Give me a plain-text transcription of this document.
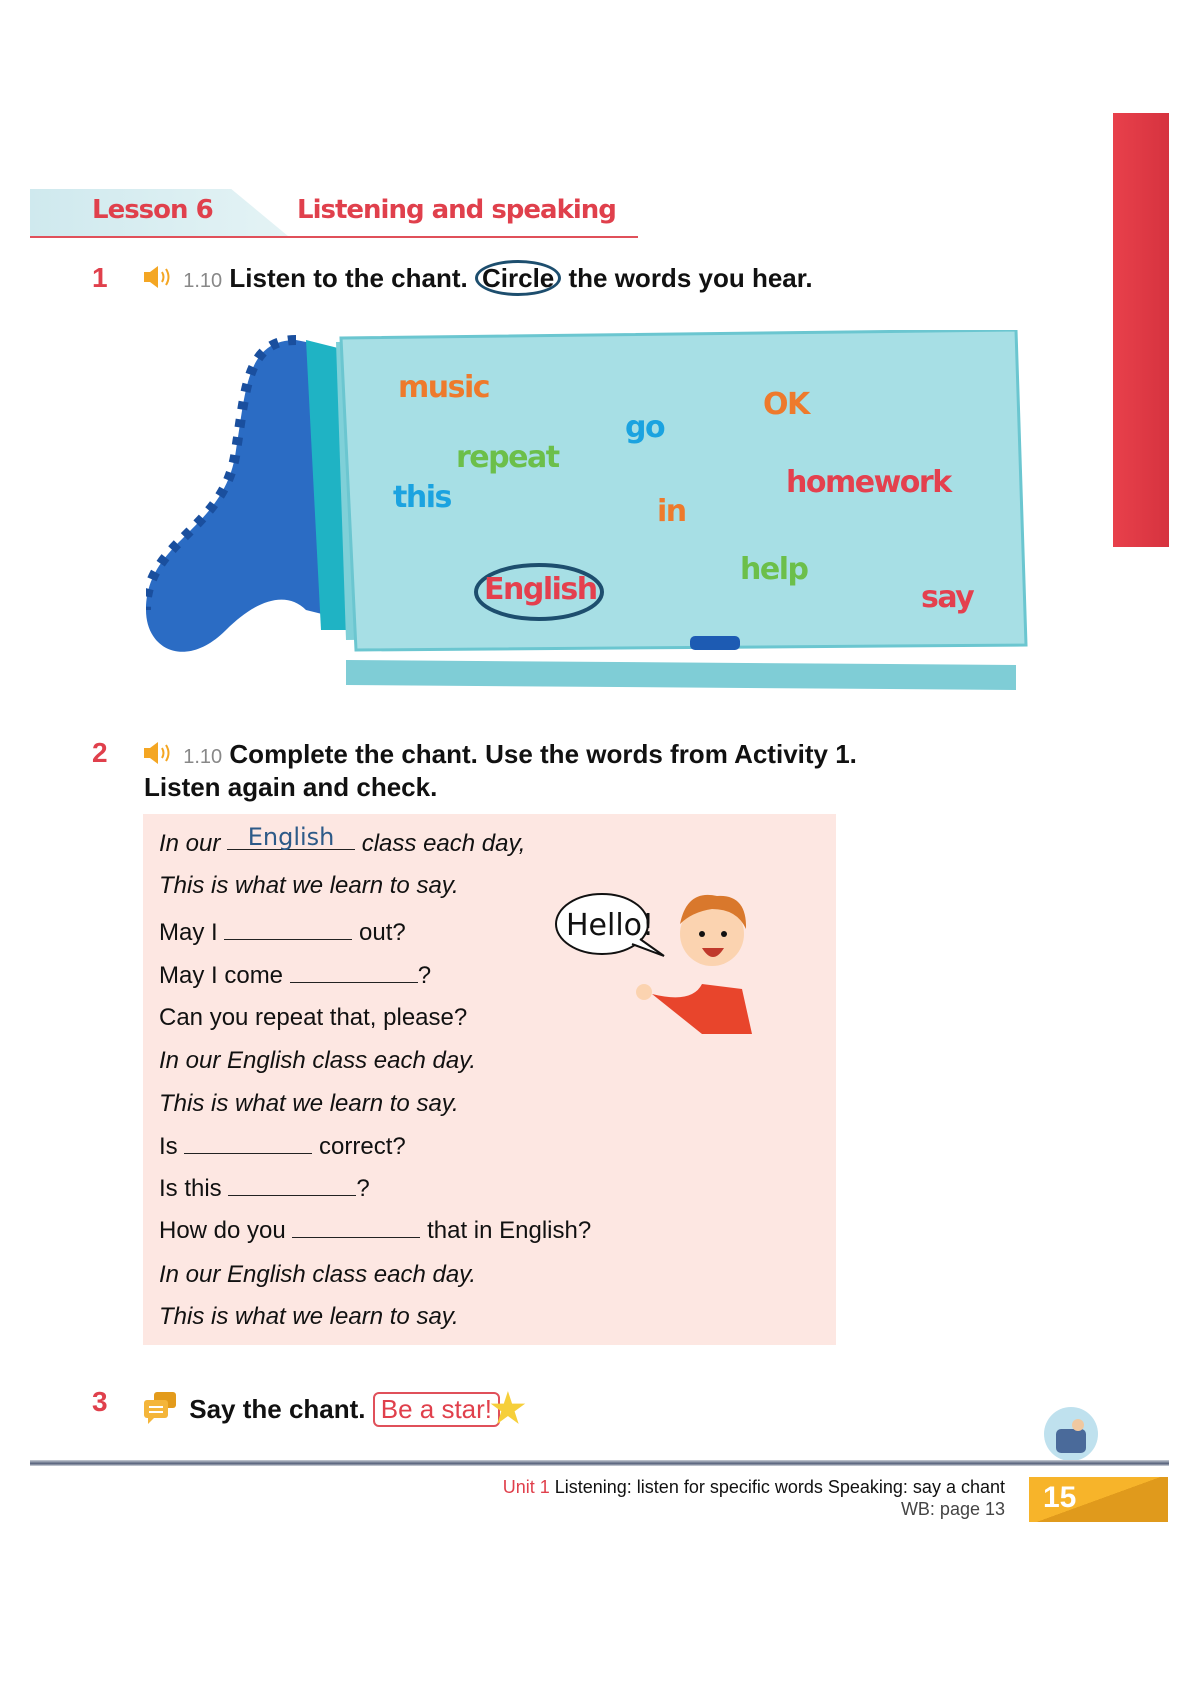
Lesson 6	Listening and speaking
1	1.10 Listen to the chant. Circle the words you hear.
music
go
OK
repeat
this	in
homework
English
help
say
2	1.10 Complete the chant. Use the words from Activity 1.
Listen again and check.
In our English class each day,
This is what we learn to say.
May I	out?
May I come	?
Can you repeat that, please?
In our English class each day.
This is what we learn to say.
Is	correct?
Is this	?
How do you	that in English?
In our English class each day.
This is what we learn to say.
Hello!
3	Say the chant. Be a star!★
Unit 1 Listening: listen for specific words Speaking: say a chant
WB: page 13	15
